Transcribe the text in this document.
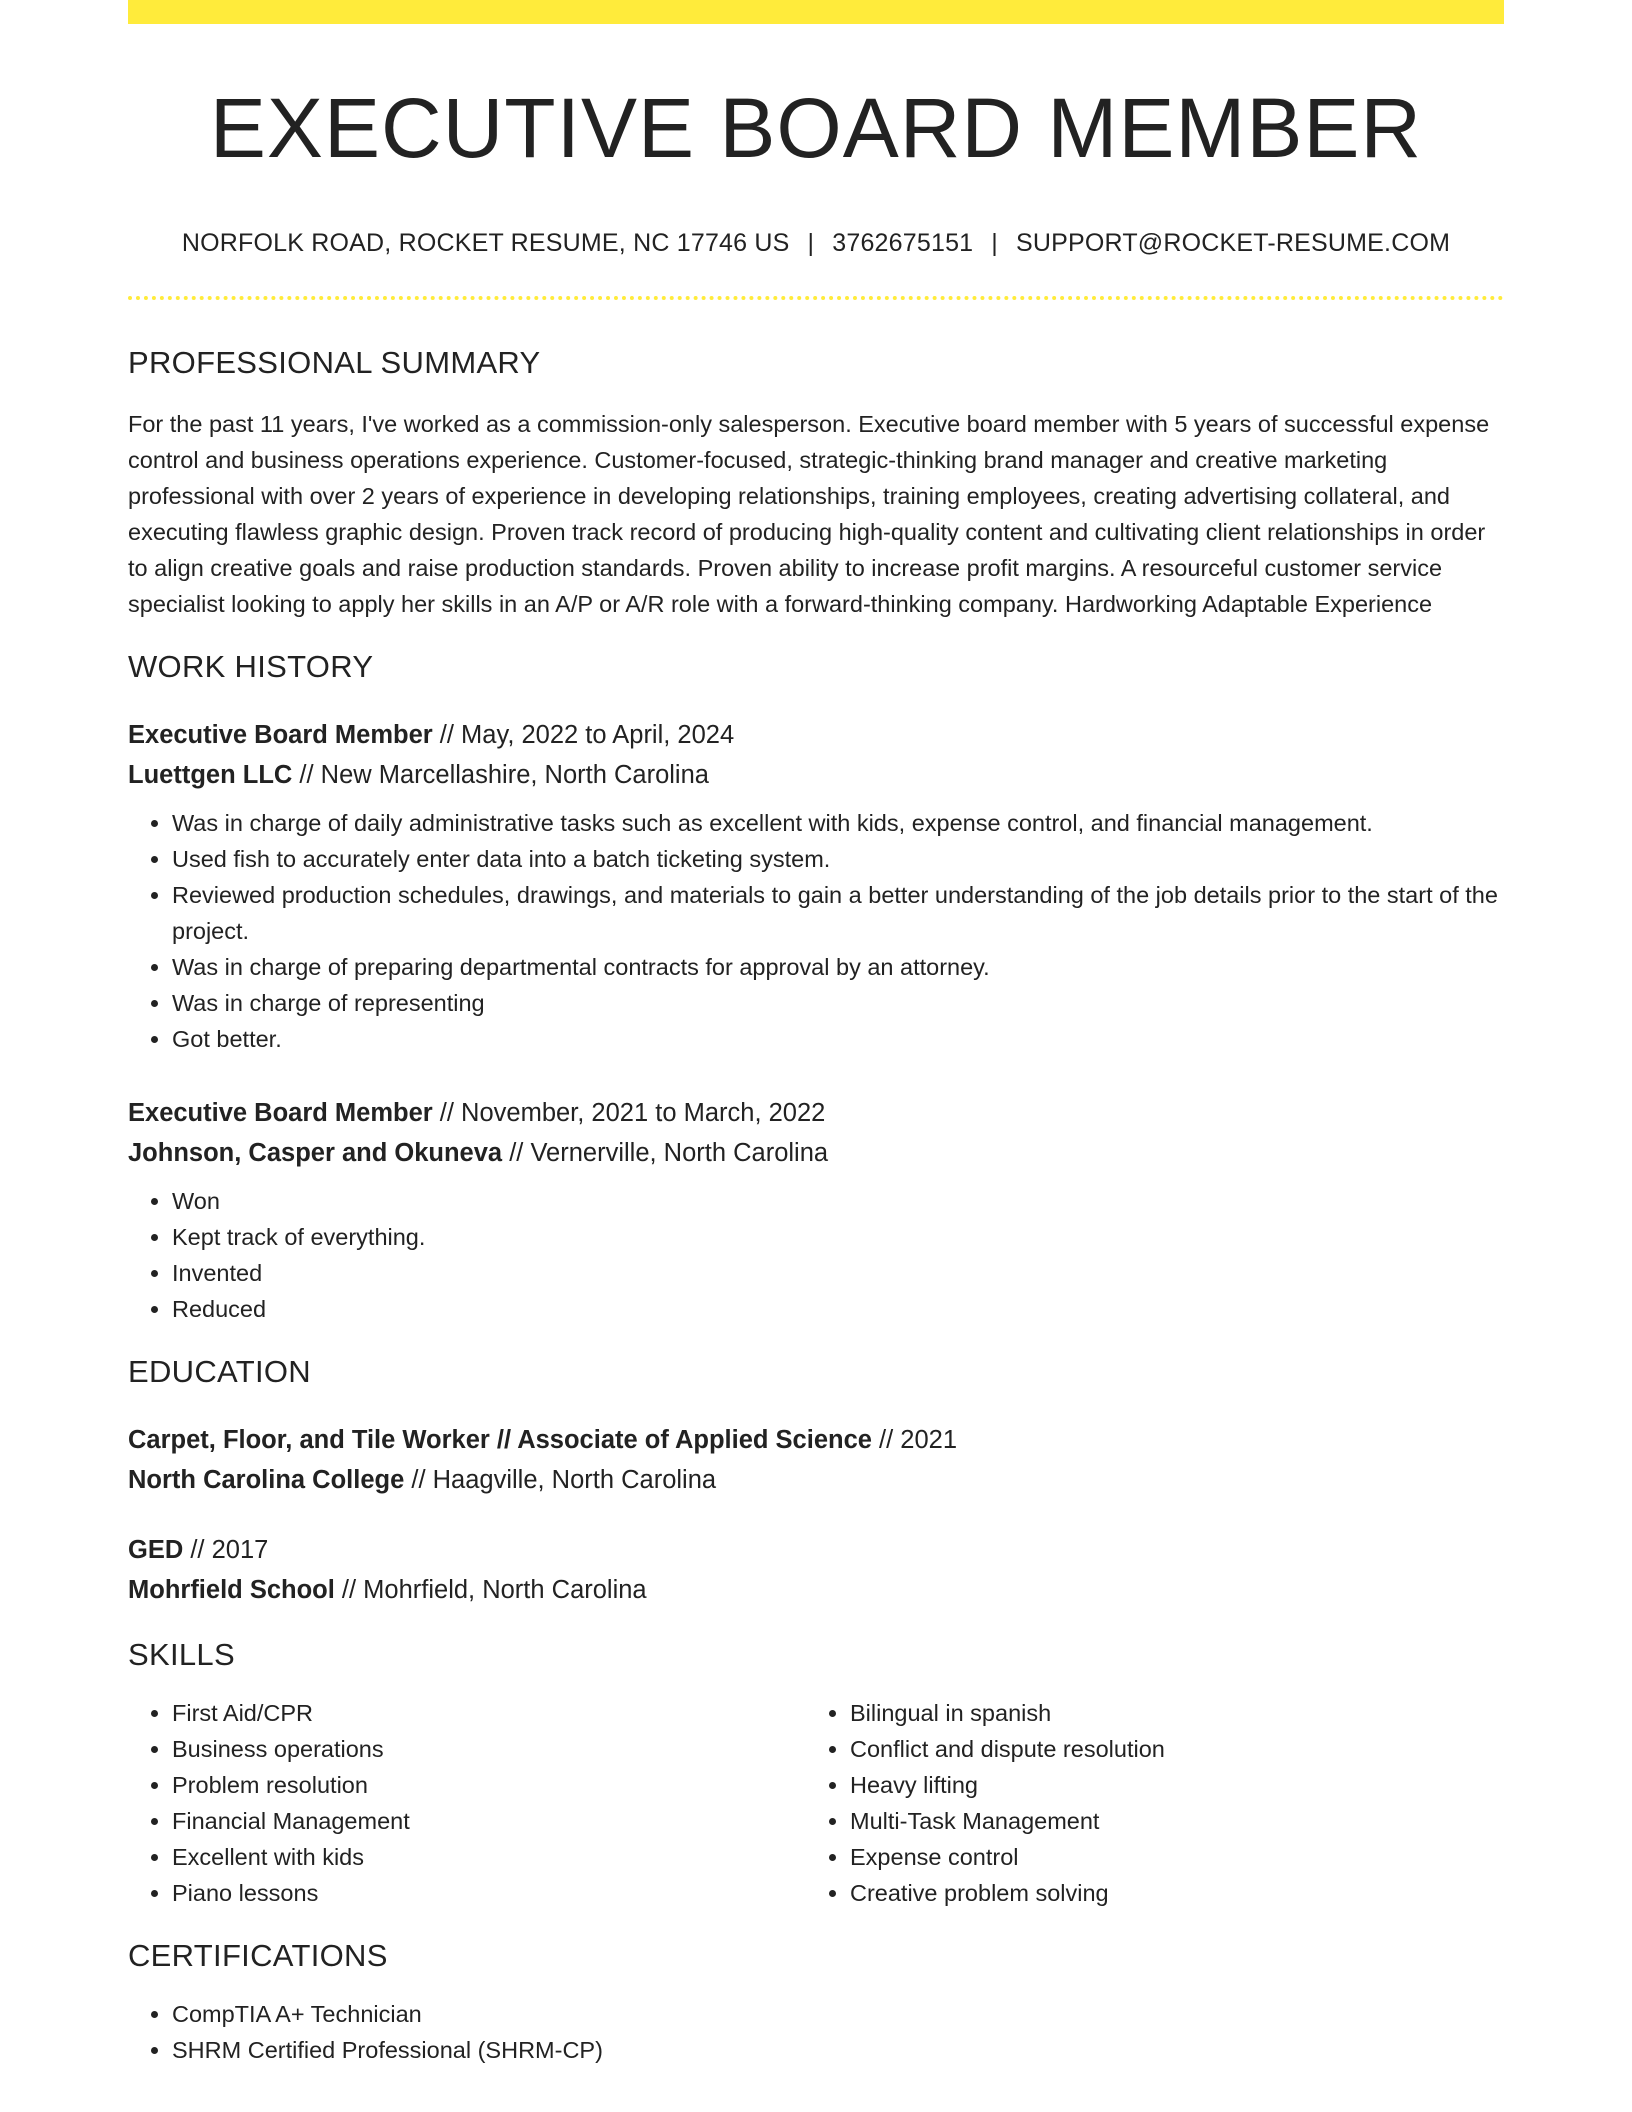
EXECUTIVE BOARD MEMBER
NORFOLK ROAD, ROCKET RESUME, NC 17746 US | 3762675151 | SUPPORT@ROCKET-RESUME.COM
PROFESSIONAL SUMMARY
For the past 11 years, I've worked as a commission-only salesperson. Executive board member with 5 years of successful expense control and business operations experience. Customer-focused, strategic-thinking brand manager and creative marketing professional with over 2 years of experience in developing relationships, training employees, creating advertising collateral, and executing flawless graphic design. Proven track record of producing high-quality content and cultivating client relationships in order to align creative goals and raise production standards. Proven ability to increase profit margins. A resourceful customer service specialist looking to apply her skills in an A/P or A/R role with a forward-thinking company. Hardworking Adaptable Experience
WORK HISTORY
Executive Board Member // May, 2022 to April, 2024
Luettgen LLC // New Marcellashire, North Carolina
• Was in charge of daily administrative tasks such as excellent with kids, expense control, and financial management.
• Used fish to accurately enter data into a batch ticketing system.
• Reviewed production schedules, drawings, and materials to gain a better understanding of the job details prior to the start of the project.
• Was in charge of preparing departmental contracts for approval by an attorney.
• Was in charge of representing
• Got better.
Executive Board Member // November, 2021 to March, 2022
Johnson, Casper and Okuneva // Vernerville, North Carolina
• Won
• Kept track of everything.
• Invented
• Reduced
EDUCATION
Carpet, Floor, and Tile Worker // Associate of Applied Science // 2021
North Carolina College // Haagville, North Carolina
GED // 2017
Mohrfield School // Mohrfield, North Carolina
SKILLS
• First Aid/CPR
• Business operations
• Problem resolution
• Financial Management
• Excellent with kids
• Piano lessons
• Bilingual in spanish
• Conflict and dispute resolution
• Heavy lifting
• Multi-Task Management
• Expense control
• Creative problem solving
CERTIFICATIONS
• CompTIA A+ Technician
• SHRM Certified Professional (SHRM-CP)
